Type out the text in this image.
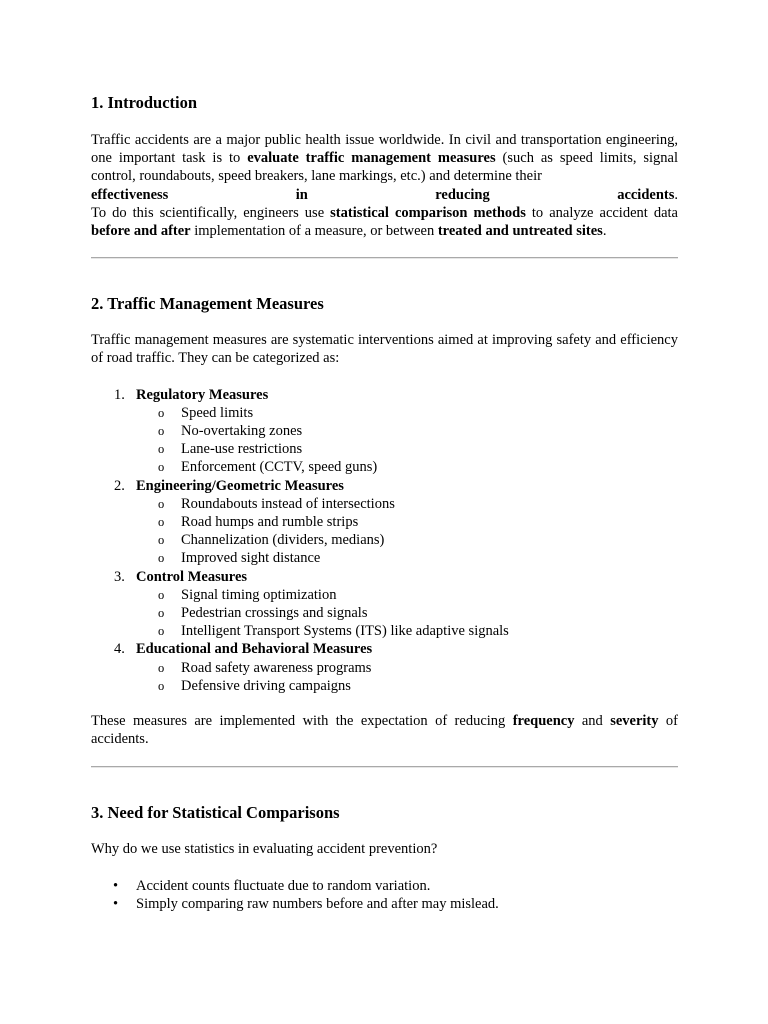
1. Introduction

Traffic accidents are a major public health issue worldwide. In civil and transportation engineering, one important task is to evaluate traffic management measures (such as speed limits, signal control, roundabouts, speed breakers, lane markings, etc.) and determine their

effectiveness	in	reducing	accidents.

To do this scientifically, engineers use statistical comparison methods to analyze accident data before and after implementation of a measure, or between treated and untreated sites.

2. Traffic Management Measures

Traffic management measures are systematic interventions aimed at improving safety and efficiency of road traffic. They can be categorized as:

1. Regulatory Measures
o Speed limits
o No-overtaking zones
o Lane-use restrictions
o Enforcement (CCTV, speed guns)
2. Engineering/Geometric Measures
o Roundabouts instead of intersections
o Road humps and rumble strips
o Channelization (dividers, medians)
o Improved sight distance
3. Control Measures
o Signal timing optimization
o Pedestrian crossings and signals
o Intelligent Transport Systems (ITS) like adaptive signals
4. Educational and Behavioral Measures
o Road safety awareness programs
o Defensive driving campaigns

These measures are implemented with the expectation of reducing frequency and severity of accidents.

3. Need for Statistical Comparisons

Why do we use statistics in evaluating accident prevention?

• Accident counts fluctuate due to random variation.
• Simply comparing raw numbers before and after may mislead.
